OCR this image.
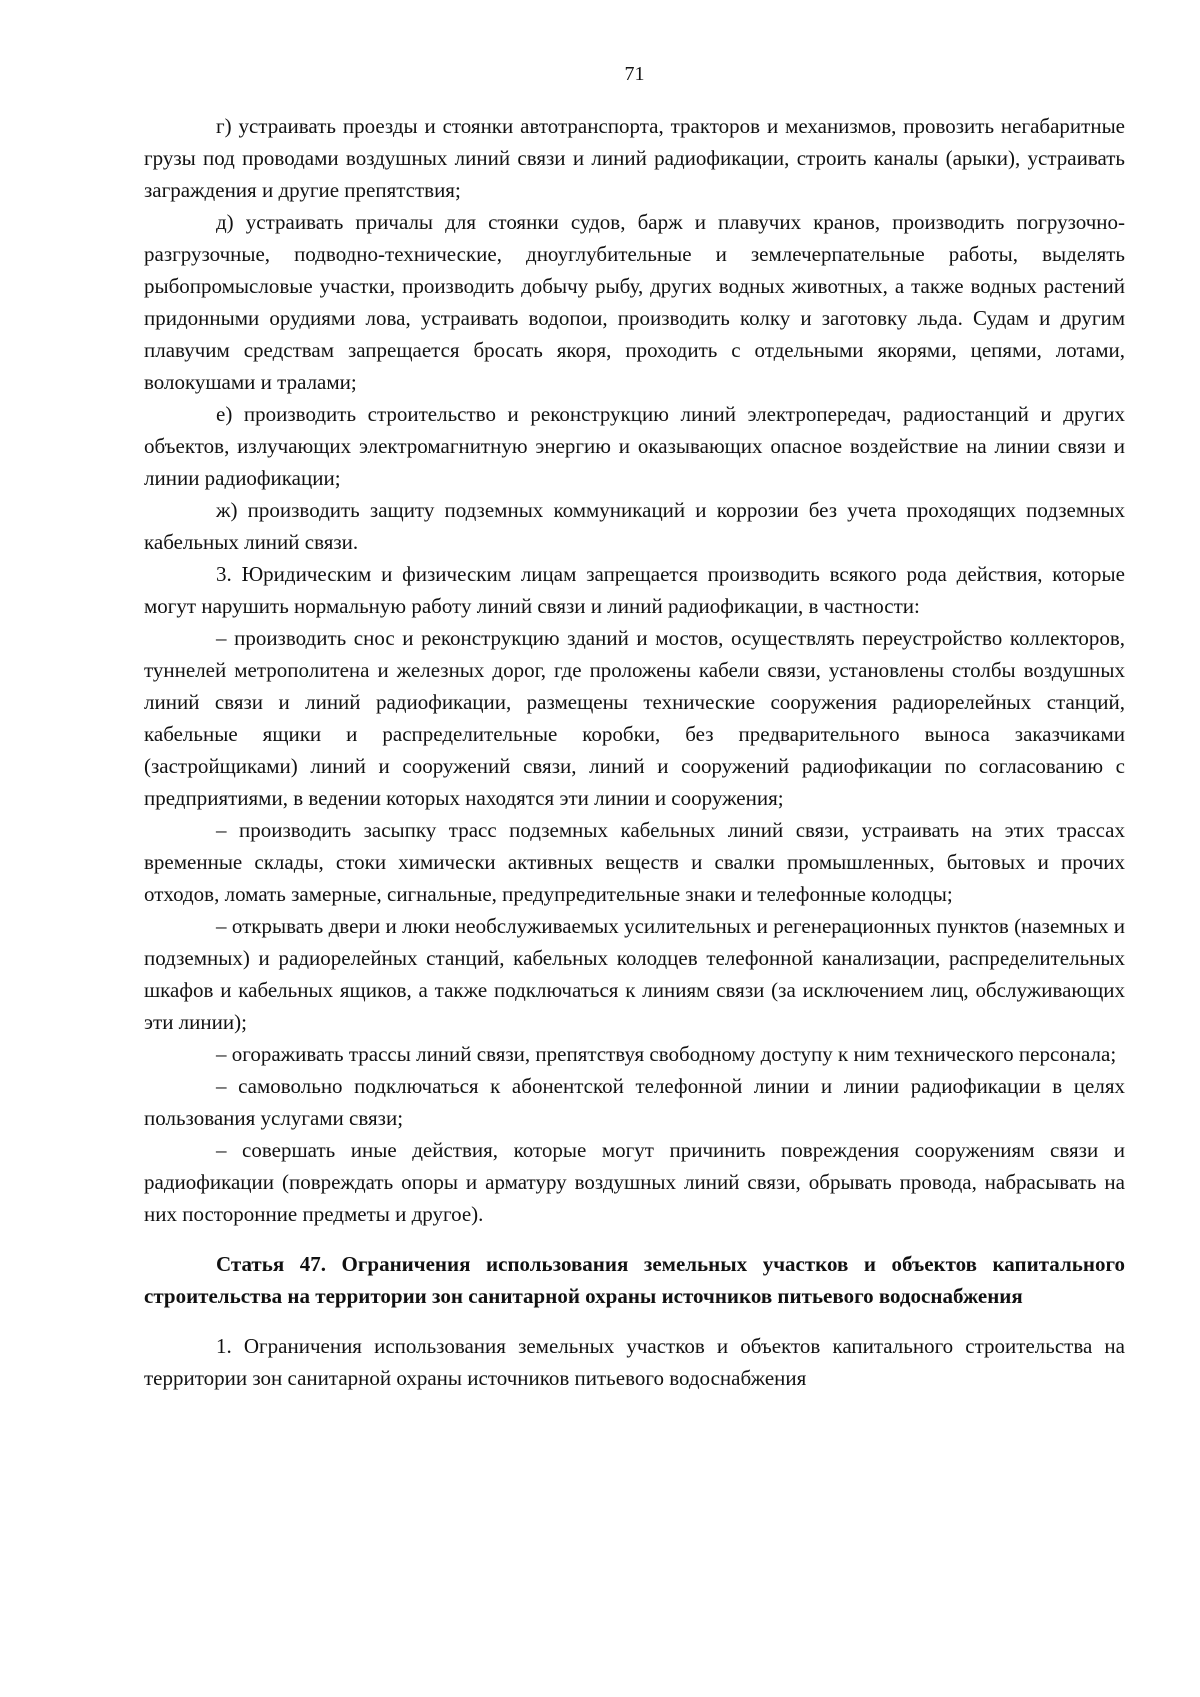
71

г) устраивать проезды и стоянки автотранспорта, тракторов и механизмов, провозить негабаритные грузы под проводами воздушных линий связи и линий радиофикации, строить каналы (арыки), устраивать заграждения и другие препятствия;

д) устраивать причалы для стоянки судов, барж и плавучих кранов, производить погрузочно-разгрузочные, подводно-технические, дноуглубительные и землечерпательные работы, выделять рыбопромысловые участки, производить добычу рыбу, других водных животных, а также водных растений придонными орудиями лова, устраивать водопои, производить колку и заготовку льда. Судам и другим плавучим средствам запрещается бросать якоря, проходить с отдельными якорями, цепями, лотами, волокушами и тралами;

е) производить строительство и реконструкцию линий электропередач, радиостанций и других объектов, излучающих электромагнитную энергию и оказывающих опасное воздействие на линии связи и линии радиофикации;

ж) производить защиту подземных коммуникаций и коррозии без учета проходящих подземных кабельных линий связи.

3. Юридическим и физическим лицам запрещается производить всякого рода действия, которые могут нарушить нормальную работу линий связи и линий радиофикации, в частности:

– производить снос и реконструкцию зданий и мостов, осуществлять переустройство коллекторов, туннелей метрополитена и железных дорог, где проложены кабели связи, установлены столбы воздушных линий связи и линий радиофикации, размещены технические сооружения радиорелейных станций, кабельные ящики и распределительные коробки, без предварительного выноса заказчиками (застройщиками) линий и сооружений связи, линий и сооружений радиофикации по согласованию с предприятиями, в ведении которых находятся эти линии и сооружения;

– производить засыпку трасс подземных кабельных линий связи, устраивать на этих трассах временные склады, стоки химически активных веществ и свалки промышленных, бытовых и прочих отходов, ломать замерные, сигнальные, предупредительные знаки и телефонные колодцы;

– открывать двери и люки необслуживаемых усилительных и регенерационных пунктов (наземных и подземных) и радиорелейных станций, кабельных колодцев телефонной канализации, распределительных шкафов и кабельных ящиков, а также подключаться к линиям связи (за исключением лиц, обслуживающих эти линии);

– огораживать трассы линий связи, препятствуя свободному доступу к ним технического персонала;

– самовольно подключаться к абонентской телефонной линии и линии радиофикации в целях пользования услугами связи;

– совершать иные действия, которые могут причинить повреждения сооружениям связи и радиофикации (повреждать опоры и арматуру воздушных линий связи, обрывать провода, набрасывать на них посторонние предметы и другое).

Статья 47. Ограничения использования земельных участков и объектов капитального строительства на территории зон санитарной охраны источников питьевого водоснабжения

1. Ограничения использования земельных участков и объектов капитального строительства на территории зон санитарной охраны источников питьевого водоснабжения
